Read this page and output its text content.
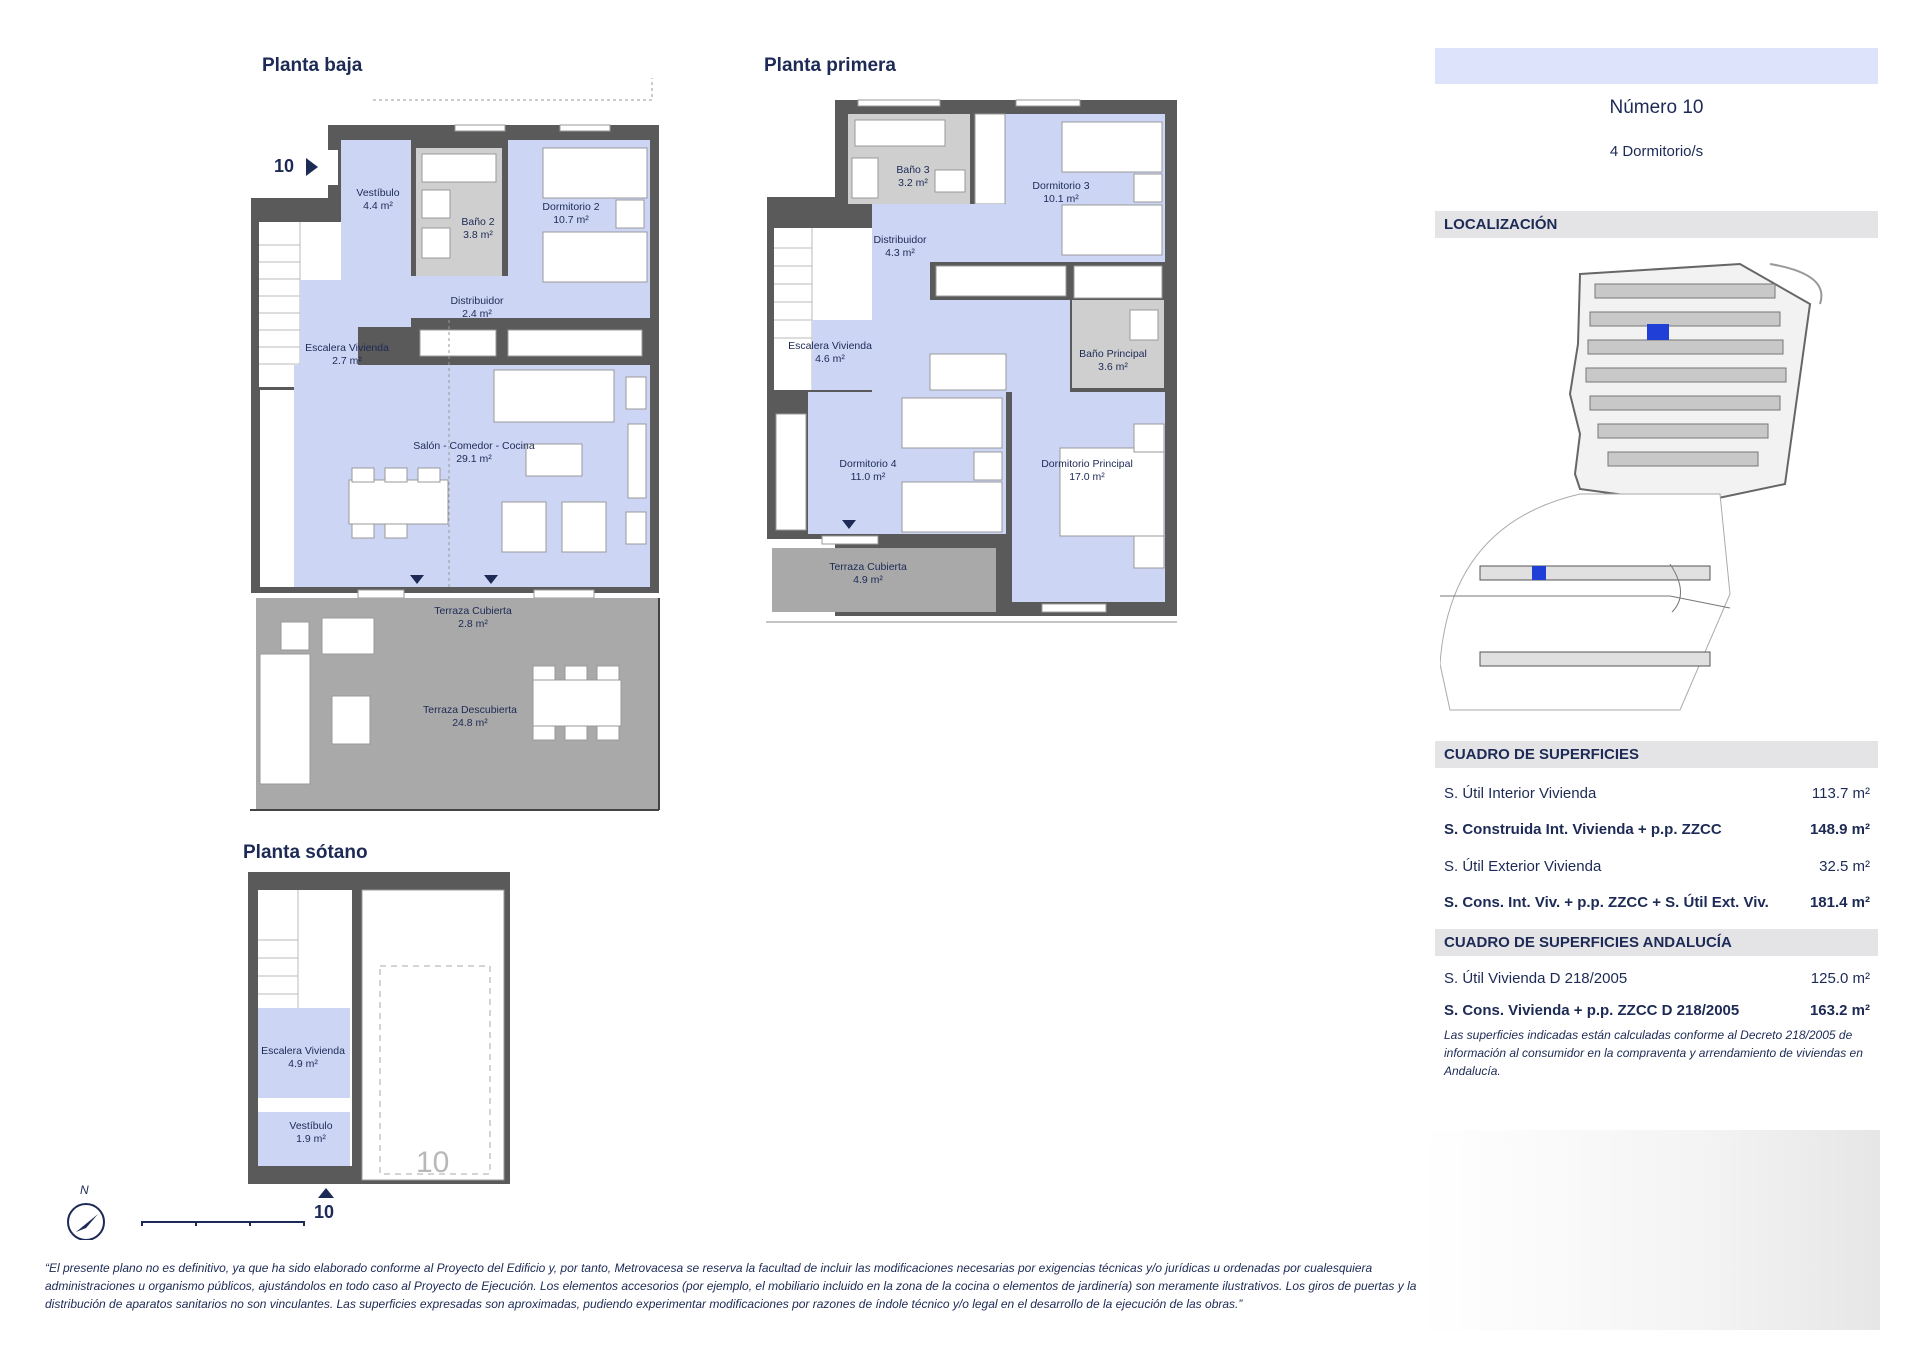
Planta baja	Planta primera
Planta sótano
10
10
10
N
Vestíbulo
4.4 m²
Baño 2
3.8 m²
Dormitorio 2
10.7 m²
Distribuidor
2.4 m²
Escalera Vivienda
2.7 m²
Salón - Comedor - Cocina
29.1 m²
Terraza Cubierta
2.8 m²
Terraza Descubierta
24.8 m²
Baño 3
3.2 m²	Dormitorio 3
10.1 m²
Distribuidor
4.3 m²
Escalera Vivienda
4.6 m²	Baño Principal
3.6 m²
Dormitorio 4
11.0 m²
Dormitorio Principal
17.0 m²
Terraza Cubierta
4.9 m²
Escalera Vivienda
4.9 m²
Vestíbulo
1.9 m²
Número 10
4 Dormitorio/s
LOCALIZACIÓN
CUADRO DE SUPERFICIES
S. Útil Interior Vivienda	113.7 m²
S. Construida Int. Vivienda + p.p. ZZCC	148.9 m²
S. Útil Exterior Vivienda	32.5 m²
S. Cons. Int. Viv. + p.p. ZZCC + S. Útil Ext. Viv.	181.4 m²
CUADRO DE SUPERFICIES ANDALUCÍA
S. Útil Vivienda D 218/2005	125.0 m²
S. Cons. Vivienda + p.p. ZZCC D 218/2005	163.2 m²
Las superficies indicadas están calculadas conforme al Decreto 218/2005 de información al consumidor en la compraventa y arrendamiento de viviendas en Andalucía.
“El presente plano no es definitivo, ya que ha sido elaborado conforme al Proyecto del Edificio y, por tanto, Metrovacesa se reserva la facultad de incluir las modificaciones necesarias por exigencias técnicas y/o jurídicas u ordenadas por cualesquiera administraciones u organismo públicos, ajustándolos en todo caso al Proyecto de Ejecución. Los elementos accesorios (por ejemplo, el mobiliario incluido en la zona de la cocina o elementos de jardinería) son meramente ilustrativos. Los giros de puertas y la distribución de aparatos sanitarios no son vinculantes. Las superficies expresadas son aproximadas, pudiendo experimentar modificaciones por razones de índole técnico y/o legal en el desarrollo de la ejecución de las obras.”
